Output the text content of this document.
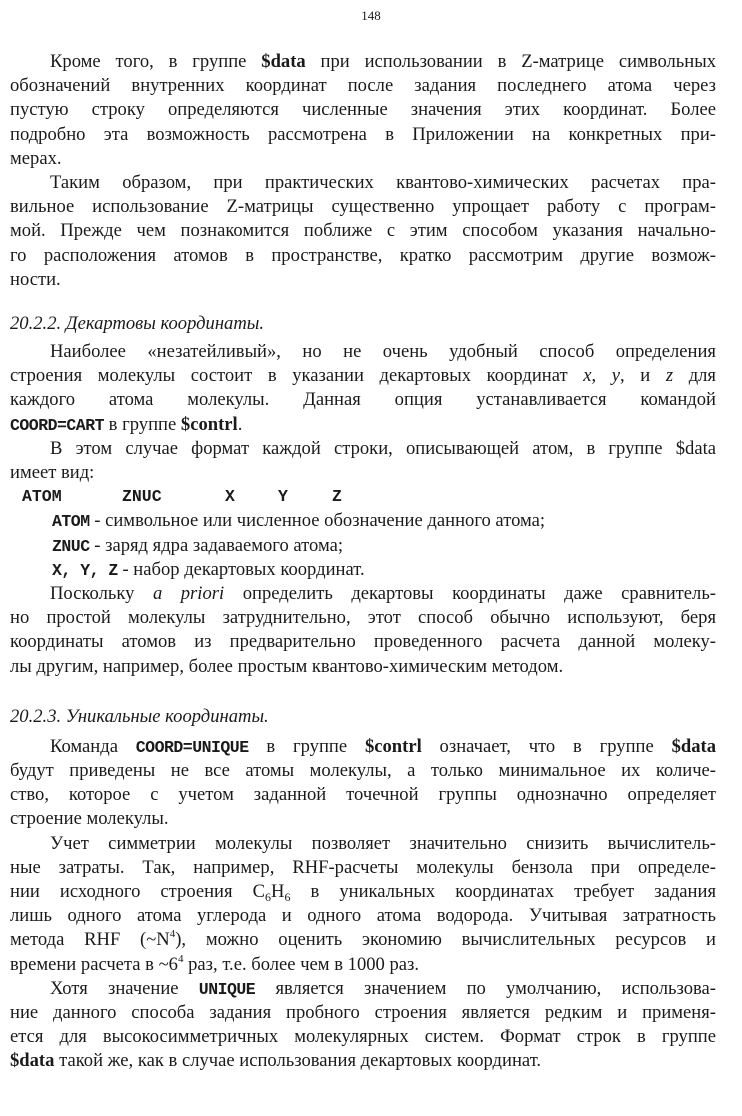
148
Кроме того, в группе $data при использовании в Z-матрице символьных
обозначений внутренних координат после задания последнего атома через
пустую строку определяются численные значения этих координат. Более
подробно эта возможность рассмотрена в Приложении на конкретных при-
мерах.
Таким образом, при практических квантово-химических расчетах пра-
вильное использование Z-матрицы существенно упрощает работу с програм-
мой. Прежде чем познакомится поближе с этим способом указания начально-
го расположения атомов в пространстве, кратко рассмотрим другие возмож-
ности.
20.2.2. Декартовы координаты.
Наиболее «незатейливый», но не очень удобный способ определения
строения молекулы состоит в указании декартовых координат x, y, и z для
каждого атома молекулы. Данная опция устанавливается командой
COORD=CART в группе $contrl.
В этом случае формат каждой строки, описывающей атом, в группе $data
имеет вид:
ATOM	ZNUC	X	Y	Z
ATOM - символьное или численное обозначение данного атома;
ZNUC - заряд ядра задаваемого атома;
X, Y, Z - набор декартовых координат.
Поскольку a priori определить декартовы координаты даже сравнитель-
но простой молекулы затруднительно, этот способ обычно используют, беря
координаты атомов из предварительно проведенного расчета данной молеку-
лы другим, например, более простым квантово-химическим методом.
20.2.3. Уникальные координаты.
Команда COORD=UNIQUE в группе $contrl означает, что в группе $data
будут приведены не все атомы молекулы, а только минимальное их количе-
ство, которое с учетом заданной точечной группы однозначно определяет
строение молекулы.
Учет симметрии молекулы позволяет значительно снизить вычислитель-
ные затраты. Так, например, RHF-расчеты молекулы бензола при определе-
нии исходного строения $C_6H_6$ в уникальных координатах требует задания
лишь одного атома углерода и одного атома водорода. Учитывая затратность
метода RHF $(\sim N^4)$, можно оценить экономию вычислительных ресурсов и
времени расчета в $\sim 6^4$ раз, т.е. более чем в 1000 раз.
Хотя значение UNIQUE является значением по умолчанию, использова-
ние данного способа задания пробного строения является редким и применя-
ется для высокосимметричных молекулярных систем. Формат строк в группе
$data такой же, как в случае использования декартовых координат.
